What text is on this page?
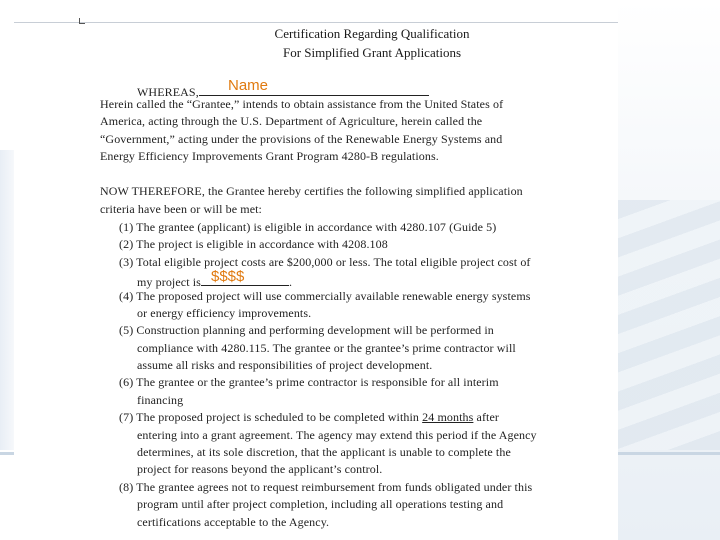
Certification Regarding Qualification
For Simplified Grant Applications
WHEREAS,	Name
Herein called the “Grantee,” intends to obtain assistance from the United States of
America, acting through the U.S. Department of Agriculture, herein called the
“Government,” acting under the provisions of the Renewable Energy Systems and
Energy Efficiency Improvements Grant Program 4280-B regulations.
NOW THEREFORE, the Grantee hereby certifies the following simplified application
criteria have been or will be met:
(1) The grantee (applicant) is eligible in accordance with 4280.107 (Guide 5)
(2) The project is eligible in accordance with 4208.108
(3) Total eligible project costs are $200,000 or less. The total eligible project cost of
my project is	.
$$$$
(4) The proposed project will use commercially available renewable energy systems
or energy efficiency improvements.
(5) Construction planning and performing development will be performed in
compliance with 4280.115. The grantee or the grantee’s prime contractor will
assume all risks and responsibilities of project development.
(6) The grantee or the grantee’s prime contractor is responsible for all interim
financing
(7) The proposed project is scheduled to be completed within 24 months after
entering into a grant agreement. The agency may extend this period if the Agency
determines, at its sole discretion, that the applicant is unable to complete the
project for reasons beyond the applicant’s control.
(8) The grantee agrees not to request reimbursement from funds obligated under this
program until after project completion, including all operations testing and
certifications acceptable to the Agency.
